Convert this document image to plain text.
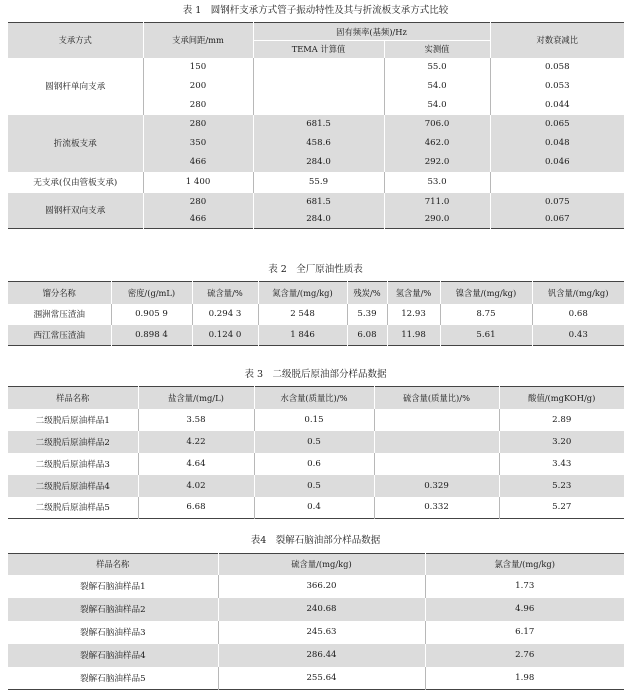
表 1　圆钢杆支承方式管子振动特性及其与折流板支承方式比较
支承方式	支承间距/mm	固有频率(基频)/Hz		对数衰减比
		TEMA 计算值	实测值	
圆钢杆单向支承	150		55.0	0.058
	200		54.0	0.053
	280		54.0	0.044
折流板支承	280	681.5	706.0	0.065
	350	458.6	462.0	0.048
	466	284.0	292.0	0.046
无支承(仅由管板支承)	1 400	55.9	53.0	
圆钢杆双向支承	280	681.5	711.0	0.075
	466	284.0	290.0	0.067
表 2　全厂原油性质表
馏分名称	密度/(g/mL)	硫含量/%	氮含量/(mg/kg)	残炭/%	氢含量/%	镍含量/(mg/kg)	钒含量/(mg/kg)
涠洲常压渣油	0.905 9	0.294 3	2 548	5.39	12.93	8.75	0.68
西江常压渣油	0.898 4	0.124 0	1 846	6.08	11.98	5.61	0.43
表 3　二级脱后原油部分样品数据
样品名称	盐含量/(mg/L)	水含量(质量比)/%	硫含量(质量比)/%	酸值/(mgKOH/g)
二级脱后原油样品1	3.58	0.15		2.89
二级脱后原油样品2	4.22	0.5		3.20
二级脱后原油样品3	4.64	0.6		3.43
二级脱后原油样品4	4.02	0.5	0.329	5.23
二级脱后原油样品5	6.68	0.4	0.332	5.27
表4　裂解石脑油部分样品数据
样品名称	硫含量/(mg/kg)	氯含量/(mg/kg)
裂解石脑油样品1	366.20	1.73
裂解石脑油样品2	240.68	4.96
裂解石脑油样品3	245.63	6.17
裂解石脑油样品4	286.44	2.76
裂解石脑油样品5	255.64	1.98
